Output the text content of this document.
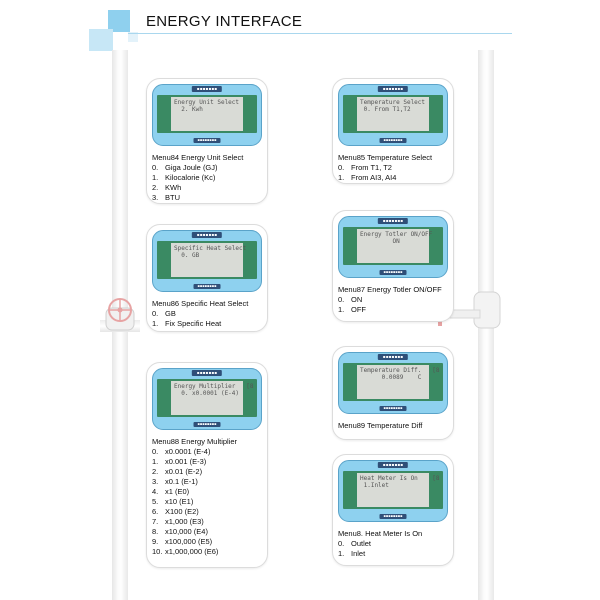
ENERGY INTERFACE
▪▪▪▪▪▪▪
Energy Unit Select
2. Kwh
▪▪▪▪▪▪▪▪
Menu84 Energy Unit Select
0. Giga Joule (GJ)
1. Kilocalorie (Kc)
2. KWh
3. BTU
▪▪▪▪▪▪▪
Temperature Select
0. From T1,T2
▪▪▪▪▪▪▪▪
Menu85 Temperature Select
0. From T1, T2
1. From AI3, AI4
▪▪▪▪▪▪▪
Specific Heat Select
0. GB
▪▪▪▪▪▪▪▪
Menu86 Specific Heat Select
0. GB
1. Fix Specific Heat
▪▪▪▪▪▪▪
Energy Totler ON/OFF
ON
▪▪▪▪▪▪▪▪
Menu87 Energy Totler ON/OFF
0. ON
1. OFF
▪▪▪▪▪▪▪
Energy Multiplier   [8
0. x0.0001 (E-4)
▪▪▪▪▪▪▪▪
Menu88 Energy Multiplier
0. x0.0001 (E-4)
1. x0.001 (E-3)
2. x0.01 (E-2)
3. x0.1 (E-1)
4. x1 (E0)
5. x10 (E1)
6. X100 (E2)
7. x1,000 (E3)
8. x10,000 (E4)
9. x100,000 (E5)
10. x1,000,000 (E6)
▪▪▪▪▪▪▪
Temperature Diff.   [8
0.0089    C
▪▪▪▪▪▪▪▪
Menu89 Temperature Diff
▪▪▪▪▪▪▪
Heat Meter Is On    [8
1.Inlet
▪▪▪▪▪▪▪▪
Menu8. Heat Meter Is On
0. Outlet
1. Inlet
